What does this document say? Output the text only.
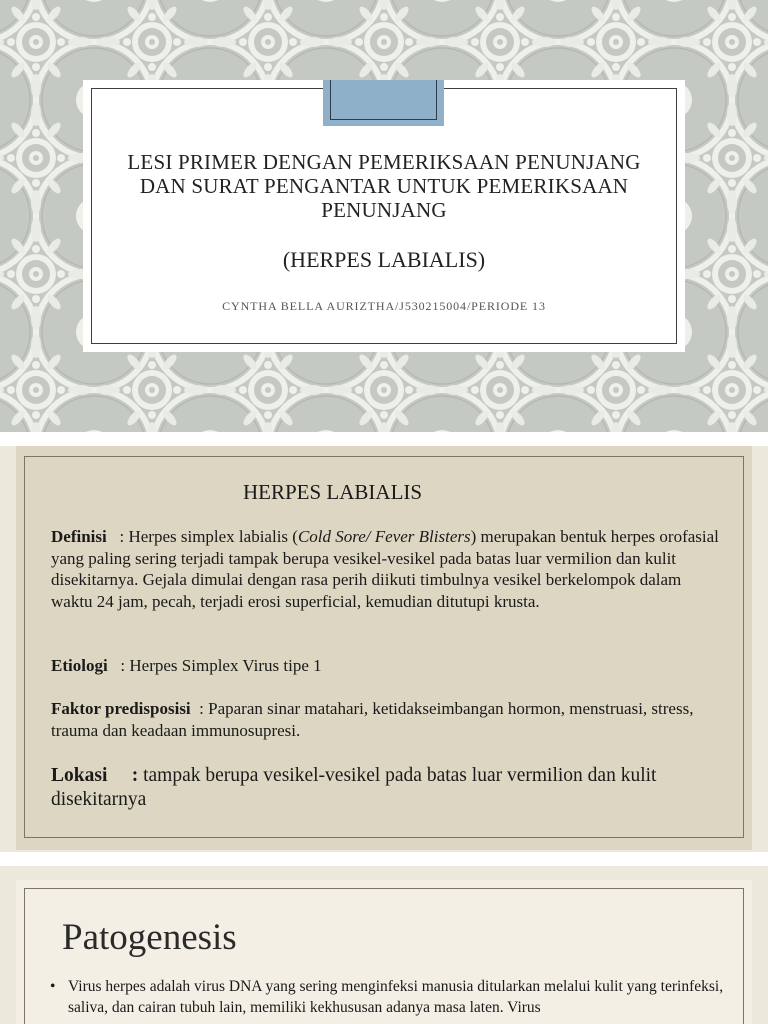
LESI PRIMER DENGAN PEMERIKSAAN PENUNJANG
DAN SURAT PENGANTAR UNTUK PEMERIKSAAN
PENUNJANG
(HERPES LABIALIS)
CYNTHA BELLA AURIZTHA/J530215004/PERIODE 13
HERPES LABIALIS
Definisi   : Herpes simplex labialis (Cold Sore/ Fever Blisters) merupakan bentuk herpes orofasial yang paling sering terjadi tampak berupa vesikel-vesikel pada batas luar vermilion dan kulit disekitarnya. Gejala dimulai dengan rasa perih diikuti timbulnya vesikel berkelompok dalam waktu 24 jam, pecah, terjadi erosi superficial, kemudian ditutupi krusta.
Etiologi   : Herpes Simplex Virus tipe 1
Faktor predisposisi  : Paparan sinar matahari, ketidakseimbangan hormon, menstruasi, stress, trauma dan keadaan immunosupresi.
Lokasi     : tampak berupa vesikel-vesikel pada batas luar vermilion dan kulit disekitarnya
Patogenesis
• Virus herpes adalah virus DNA yang sering menginfeksi manusia ditularkan melalui kulit yang terinfeksi, saliva, dan cairan tubuh lain, memiliki kekhususan adanya masa laten. Virus
